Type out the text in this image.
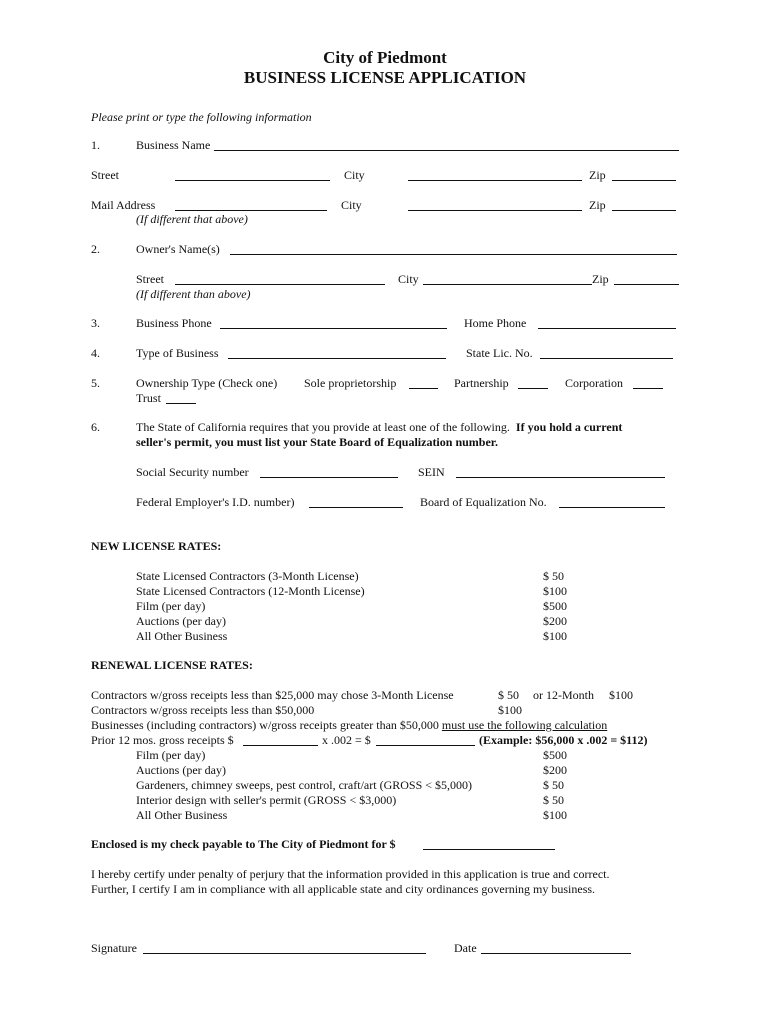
City of Piedmont
BUSINESS LICENSE APPLICATION
Please print or type the following information
1.	Business Name
Street	City	Zip
Mail Address	City	Zip
(If different that above)
2.	Owner's Name(s)
Street	City	Zip
(If different than above)
3.	Business Phone	Home Phone
4.	Type of Business	State Lic. No.
5.	Ownership Type (Check one) Sole proprietorship	Partnership	Corporation
Trust
6.	The State of California requires that you provide at least one of the following. If you hold a current
seller's permit, you must list your State Board of Equalization number.
Social Security number	SEIN
Federal Employer's I.D. number)	Board of Equalization No.
NEW LICENSE RATES:
State Licensed Contractors (3-Month License)	$ 50
State Licensed Contractors (12-Month License)	$100
Film (per day)	$500
Auctions (per day)	$200
All Other Business	$100
RENEWAL LICENSE RATES:
Contractors w/gross receipts less than $25,000 may chose 3-Month License	$ 50 or 12-Month $100
Contractors w/gross receipts less than $50,000	$100
Businesses (including contractors) w/gross receipts greater than $50,000 must use the following calculation
Prior 12 mos. gross receipts $	x .002 = $	(Example: $56,000 x .002 = $112)
Film (per day)	$500
Auctions (per day)	$200
Gardeners, chimney sweeps, pest control, craft/art (GROSS < $5,000)	$ 50
Interior design with seller's permit (GROSS < $3,000)	$ 50
All Other Business	$100
Enclosed is my check payable to The City of Piedmont for $
I hereby certify under penalty of perjury that the information provided in this application is true and correct.
Further, I certify I am in compliance with all applicable state and city ordinances governing my business.
Signature	Date
